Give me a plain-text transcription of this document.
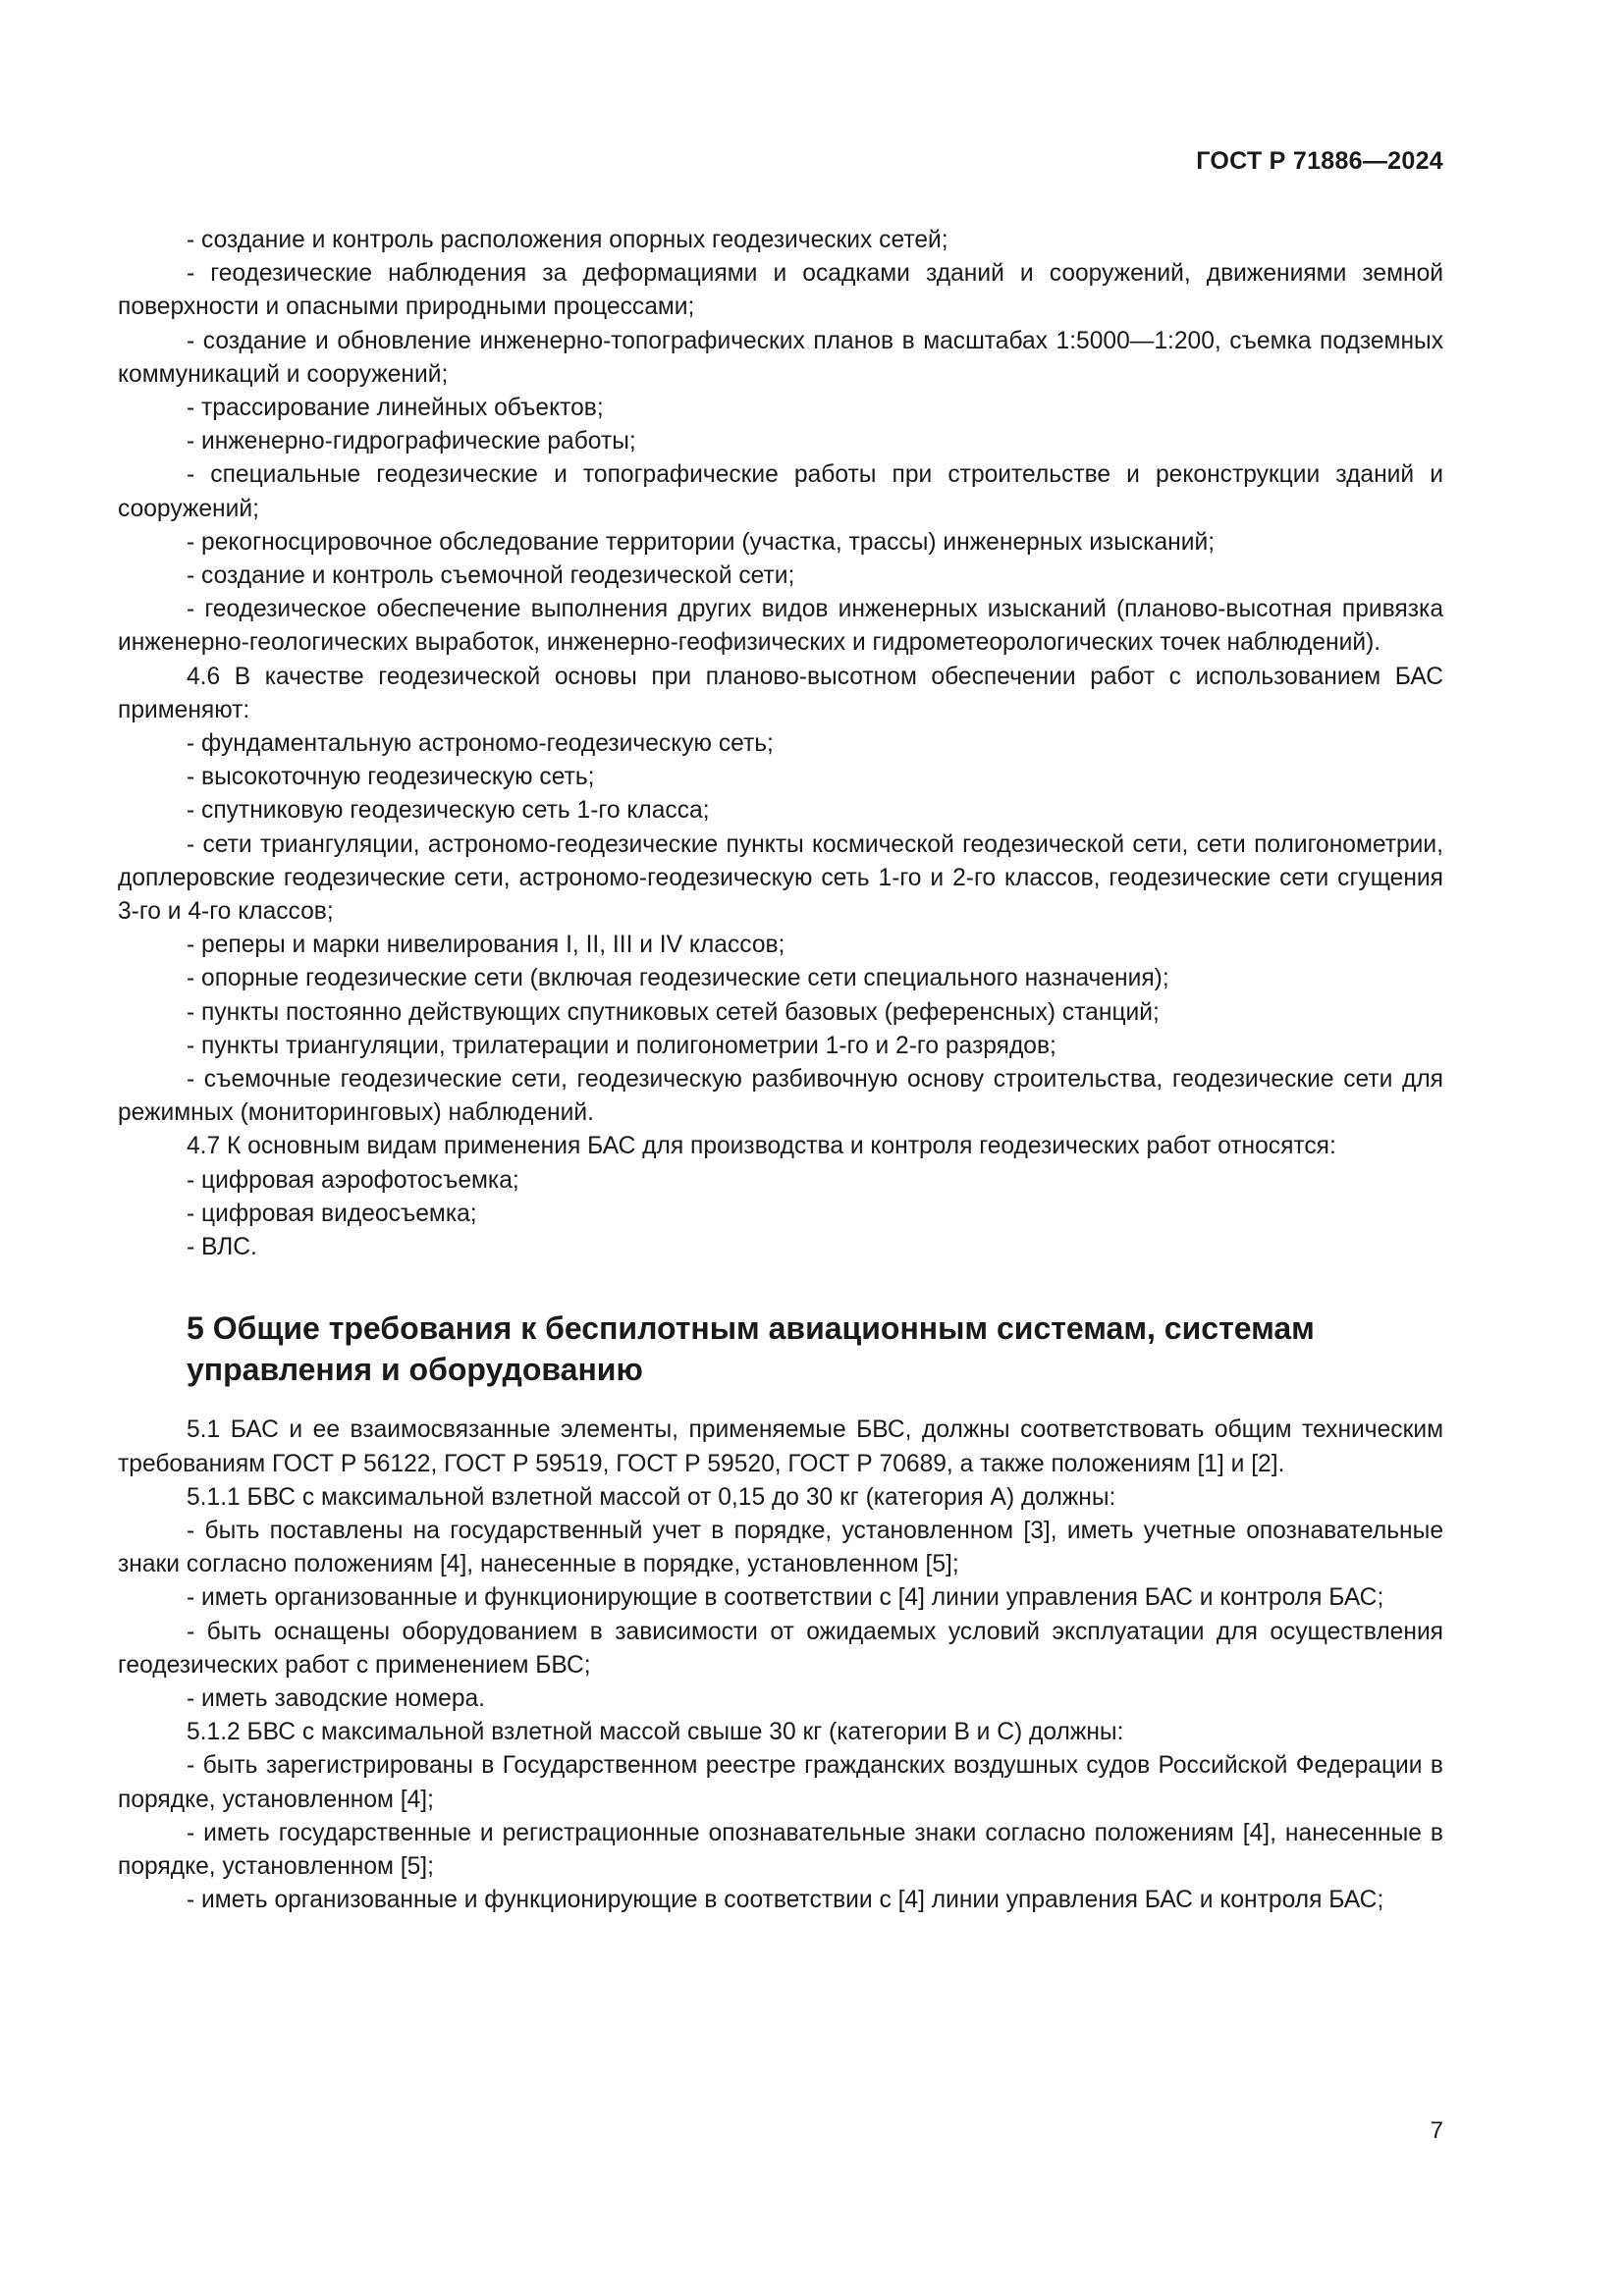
ГОСТ Р 71886—2024

- создание и контроль расположения опорных геодезических сетей;

- геодезические наблюдения за деформациями и осадками зданий и сооружений, движениями земной поверхности и опасными природными процессами;

- создание и обновление инженерно-топографических планов в масштабах 1:5000—1:200, съемка подземных коммуникаций и сооружений;

- трассирование линейных объектов;

- инженерно-гидрографические работы;

- специальные геодезические и топографические работы при строительстве и реконструкции зданий и сооружений;

- рекогносцировочное обследование территории (участка, трассы) инженерных изысканий;

- создание и контроль съемочной геодезической сети;

- геодезическое обеспечение выполнения других видов инженерных изысканий (планово-высотная привязка инженерно-геологических выработок, инженерно-геофизических и гидрометеорологических точек наблюдений).

4.6 В качестве геодезической основы при планово-высотном обеспечении работ с использованием БАС применяют:

- фундаментальную астрономо-геодезическую сеть;

- высокоточную геодезическую сеть;

- спутниковую геодезическую сеть 1-го класса;

- сети триангуляции, астрономо-геодезические пункты космической геодезической сети, сети полигонометрии, доплеровские геодезические сети, астрономо-геодезическую сеть 1-го и 2-го классов, геодезические сети сгущения 3-го и 4-го классов;

- реперы и марки нивелирования I, II, III и IV классов;

- опорные геодезические сети (включая геодезические сети специального назначения);

- пункты постоянно действующих спутниковых сетей базовых (референсных) станций;

- пункты триангуляции, трилатерации и полигонометрии 1-го и 2-го разрядов;

- съемочные геодезические сети, геодезическую разбивочную основу строительства, геодезические сети для режимных (мониторинговых) наблюдений.

4.7 К основным видам применения БАС для производства и контроля геодезических работ относятся:

- цифровая аэрофотосъемка;

- цифровая видеосъемка;

- ВЛС.

5 Общие требования к беспилотным авиационным системам, системам управления и оборудованию

5.1 БАС и ее взаимосвязанные элементы, применяемые БВС, должны соответствовать общим техническим требованиям ГОСТ Р 56122, ГОСТ Р 59519, ГОСТ Р 59520, ГОСТ Р 70689, а также положениям [1] и [2].

5.1.1 БВС с максимальной взлетной массой от 0,15 до 30 кг (категория А) должны:

- быть поставлены на государственный учет в порядке, установленном [3], иметь учетные опознавательные знаки согласно положениям [4], нанесенные в порядке, установленном [5];

- иметь организованные и функционирующие в соответствии с [4] линии управления БАС и контроля БАС;

- быть оснащены оборудованием в зависимости от ожидаемых условий эксплуатации для осуществления геодезических работ с применением БВС;

- иметь заводские номера.

5.1.2 БВС с максимальной взлетной массой свыше 30 кг (категории В и С) должны:

- быть зарегистрированы в Государственном реестре гражданских воздушных судов Российской Федерации в порядке, установленном [4];

- иметь государственные и регистрационные опознавательные знаки согласно положениям [4], нанесенные в порядке, установленном [5];

- иметь организованные и функционирующие в соответствии с [4] линии управления БАС и контроля БАС;

7
